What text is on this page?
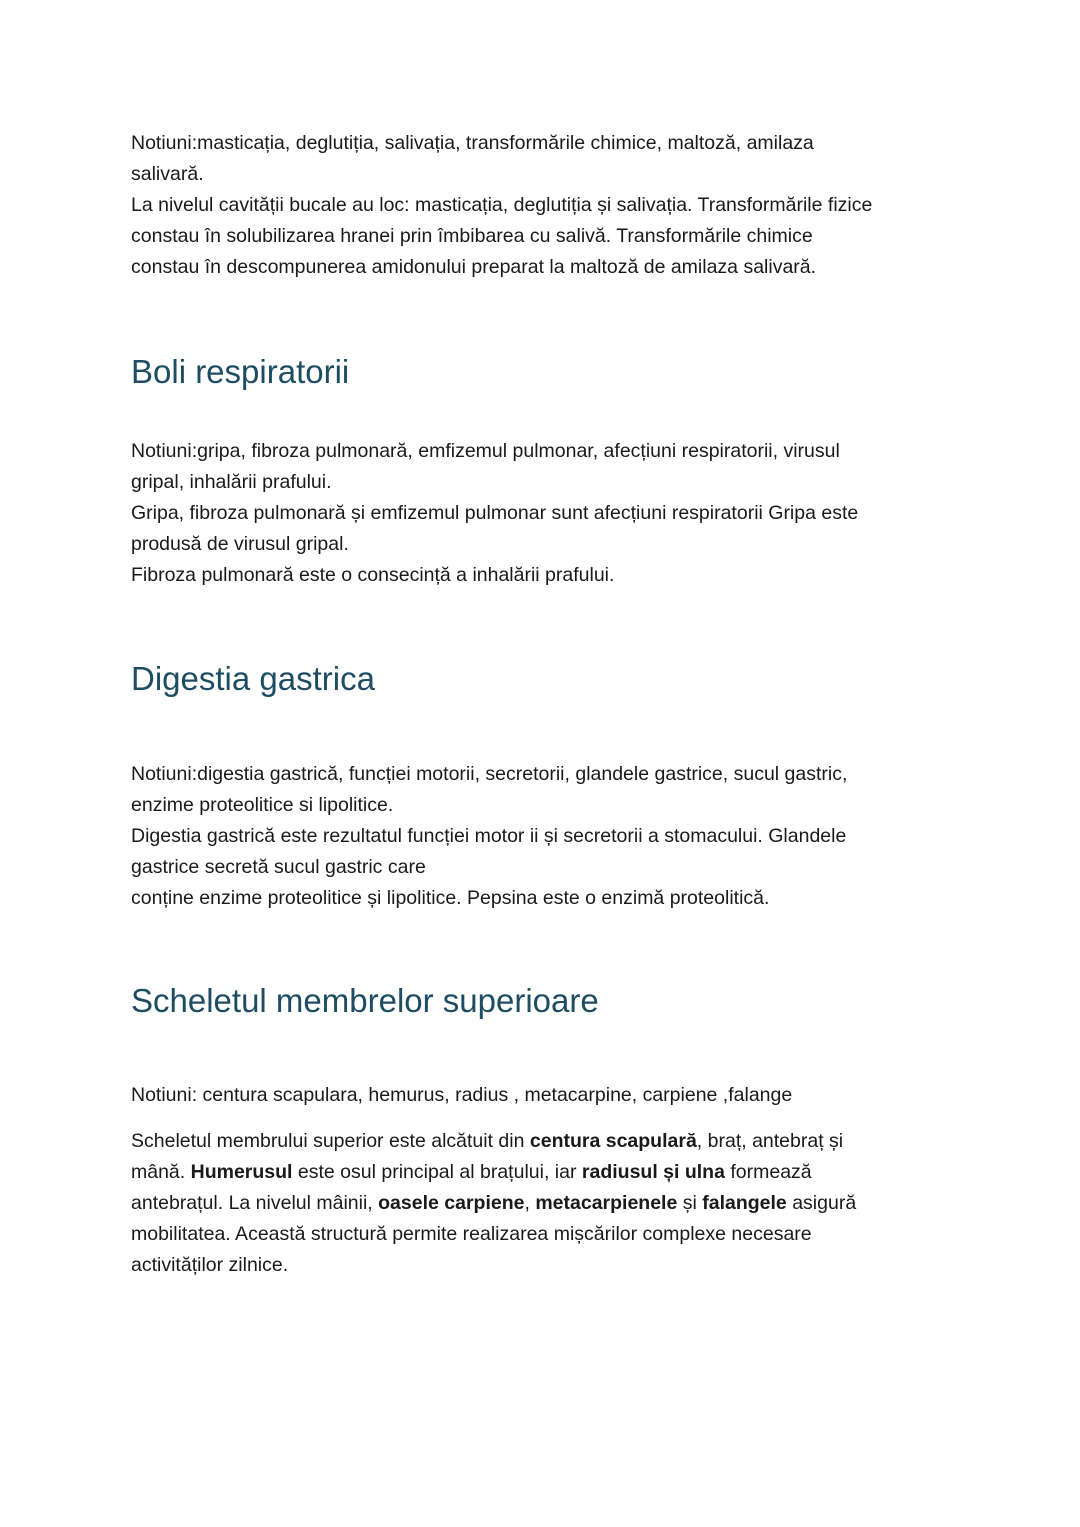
Notiuni:masticația, deglutiția, salivația, transformările chimice, maltoză, amilaza
salivară.
La nivelul cavității bucale au loc: masticația, deglutiția și salivația. Transformările fizice
constau în solubilizarea hranei prin îmbibarea cu salivă. Transformările chimice
constau în descompunerea amidonului preparat la maltoză de amilaza salivară.

Boli respiratorii

Notiuni:gripa, fibroza pulmonară, emfizemul pulmonar, afecțiuni respiratorii, virusul
gripal, inhalării prafului.
Gripa, fibroza pulmonară și emfizemul pulmonar sunt afecțiuni respiratorii Gripa este
produsă de virusul gripal.
Fibroza pulmonară este o consecință a inhalării prafului.

Digestia gastrica

Notiuni:digestia gastrică, funcției motorii, secretorii, glandele gastrice, sucul gastric,
enzime proteolitice si lipolitice.
Digestia gastrică este rezultatul funcției motor ii și secretorii a stomacului. Glandele
gastrice secretă sucul gastric care
conține enzime proteolitice și lipolitice. Pepsina este o enzimă proteolitică.

Scheletul membrelor superioare

Notiuni: centura scapulara, hemurus, radius , metacarpine, carpiene ,falange

Scheletul membrului superior este alcătuit din centura scapulară, braț, antebraț și
mână. Humerusul este osul principal al brațului, iar radiusul și ulna formează
antebrațul. La nivelul mâinii, oasele carpiene, metacarpienele și falangele asigură
mobilitatea. Această structură permite realizarea mișcărilor complexe necesare
activităților zilnice.
